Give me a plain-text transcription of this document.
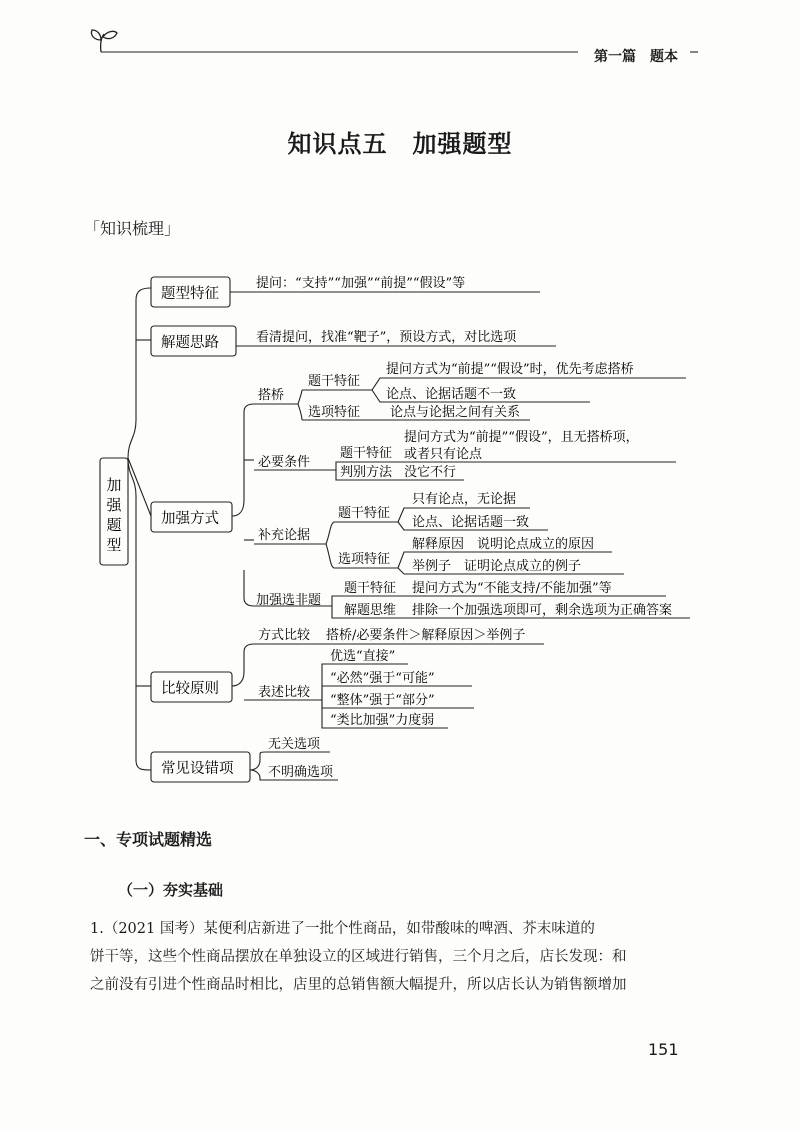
第一篇　题本
知识点五　加强题型
「知识梳理」
加
强
题
型
题型特征
解题思路
加强方式
比较原则
常见设错项
提问：“支持”“加强”“前提”“假设”等
看清提问，找准“靶子”，预设方式，对比选项
搭桥
题干特征
提问方式为“前提”“假设”时，优先考虑搭桥
论点、论据话题不一致
选项特征 论点与论据之间有关系
必要条件
题干特征
提问方式为“前提”“假设”，且无搭桥项，
或者只有论点
判别方法 没它不行
补充论据
题干特征
只有论点，无论据
论点、论据话题一致
选项特征
解释原因　说明论点成立的原因
举例子　证明论点成立的例子
加强选非题
题干特征 提问方式为“不能支持/不能加强”等
解题思维 排除一个加强选项即可，剩余选项为正确答案
方式比较 搭桥/必要条件＞解释原因＞举例子
表述比较
优选“直接”
“必然”强于“可能”
“整体”强于“部分”
“类比加强”力度弱
无关选项
不明确选项
一、专项试题精选
（一）夯实基础

1.（2021 国考）某便利店新进了一批个性商品，如带酸味的啤酒、芥末味道的

饼干等，这些个性商品摆放在单独设立的区域进行销售，三个月之后，店长发现：和

之前没有引进个性商品时相比，店里的总销售额大幅提升，所以店长认为销售额增加

151
